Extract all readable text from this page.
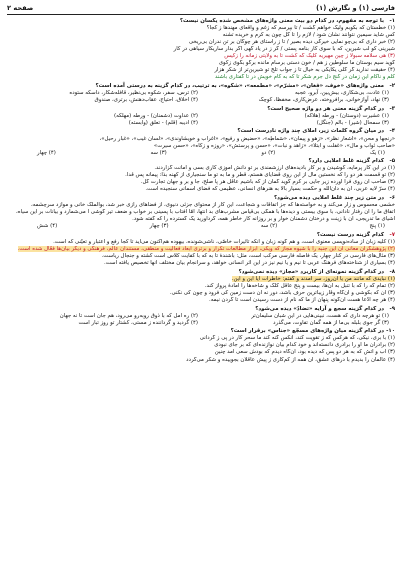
فارسی (۱) و نگارش (۱)
صفحه ۲
۱-
با توجه به مفهوم، در کدام دو بیت معنی واژه‌های مشخص شده یکسان نیست؟
(۱) خطّستان که بکوبم ولیک خواهم گشت / تا بپرسم که زغم و واقعای مهندها ز کجا؟
کس شاید سیمین نتوانند نشان شود / لازم را تا گل چون به کرم و خریده تشنه
(۲) خبر داری که بی‌چو نمایی خیرگی دیده بصیر / تا ز راستای هر چوگان بر تن ندران بی‌ریخی
شیرینی کو لب شیرین، که با سوی کار بنامه پستی / گر ز در یاد گهی اگر بدار ساریکار سیاهی در کار
(۳) هی سلامه سبولا ز چین مهیریه کلیک گه کشت تا به ولایتی زمانه را زکیس
گوید سیم بوستان ما سلوطین ز هم / خون دستی برسام مانده برگو بگوی زکوی
(۴) حقیقت ندارید گر گلی یکایکی به خیال تا ز جواب تلخ تو شیرین‌تر از شکر هزار
کلم و ناکام این زمان در گنج دل جرم شکر تا که به کام خویش در تا گفتاری باشند
۲-
معنی واژه‌های «خوف، «فغان»، «مشرّم»، «مطمعه»، «شکوه»، به ترتیب، در کدام گزینه به درستی آمده است؟
(۱) عادت، بی‌شکاری، بیش‌بین، آبرو، عجبه
(۲) ترس، سفر، شکوه بی‌نظیر، قافله‌شکار، داسکه ستوده
(۳) نهاد، آوازخوانی، برافروخته، عرض‌کاری، مخفظا، کوچک
(۴) اخلاق، احتیاج، عقاب‌دهنش، برتری، صندوق
۳-
در کدام گزینه معنی هر دو واژه صحیح است؟
(۱) عشیرت (دوستان) - ورطه (هلاکه)
(۲) عداوت (دشمنان) - ورطه (مهلکه)
(۳) سمحال (شیر) - بالم (جنگل)
(۴) ادیبه (قلم) - تعلق (وابسته)
۴-
در میان گروه کلمات زیر، املای چند واژه نادرست است؟
«رنجها و محن»، «اشعار نظر»، «زهو و پیمان»، «سَماطِه»، «حضیض و رفیع»، «اغراب و خویشاوندی»، «لسان غیب»، «غبار رحیل»،
«صاحب ثواب و مال»، «غفلت و ابتلا»، «زاهد و نبات»، «حسن و پرستش»، «روزه و زکاه»، «حسن سیرت»
(۱) یک
(۲) دو
(۳) سه
(۴) چهار
۵-
کدام گزینه غلط املایی دارد؟
(۱) در این کار پرمایه، کوشیدن و بر کار بادیده‌های ارزشمندی بر تو دانش آموزی کاری بسی و امانت گزاردند.
(۲) تو قسمت هر دو را که نخستین مال از این روی قضایای هستم، قطر و ما به تو ما سنجیاری از کهنه بذا: پیمانه پس قدا.
(۳) صاحب آن روی فرا آورده زیر جایی بر کرم گوید گمان از که باشیم عاقل هر پا صلح، جا و بر و جهان تجارت گل.
(۴) سرّ لایه عربی، آن به دان‌الله و حکمت بسیار بالا به هنرهای انسانی، عظیمی که فضای آسمانی سنجیده است.
۶-
در متن زیر چند غلط املایی دیده می‌شود؟
خشمی محسوس و زار می‌کند و به خواسته‌ها که جز اتفاقات و شجاعت، این کار از محتوای جزئی دنیوی، از فضاهای رازی خبر شد، بوالملک خانی و موازد سرچشمه،
اتفاق ما را آن رفتار نادانی، با سوی بیستی و دیده‌ها با همگی بی‌قیاس مشرب‌های بد انتها، امّا آفتاب با پسینی بر خواب و ضعف تیر گوشی ا می‌شمارد و بیانات بر این سیاه،
اشیای ما تدریجی، آن با زینت و درختان دشمنان خوار و بر روزانه کار خاطر همه، گردآورید یک گسترده را که گفته شود.
(۱) پنج
(۲) سه
(۳) چهار
(۴) شش
۷-
کدام گزینه درست نیست؟
(۱) کلیه زبان از ساده‌نویسی معنوی است، و هم گونه زبان و آنکه تأثیرات خاصّی، ناشی‌شونده، بیهوده هم‌اکنون می‌آید تا کجا رفع و اعتبار و تعیّنی که است.
(۲) پژوهشگران معانی آن این جنبه را با شیوه مجاز که ویکی، ابزار مطالعات تکرار و برتری ابعاد فعالیت و منطقی، مستندان عالم، فرهنگی و دیگر بیان‌ها فعّال شده است.
(۳) مثال‌های فارسی در کنار چهار، یک فاصله فارسی مرکب است، مثل: باشندۀ تا به که با کفایت کلاس است کشته و جنجال ریاست.
(۴) بسیاری از شناخته‌های فرهنگ عربی تا نیم و یا نیم نیز در این اثر انسانی خواهد، و سرانجام بیان مختلف آنها تخصیص یافته است.
۸-
در کدام گزینه نمونه‌ای از کاربرد «مجاز» دیده نمی‌شود؟
(۱) نبایدی که مانند من یا آن‌روز، سر آمدند و گفتم: خاطرات ایا این و این.
(۲) تمام گه را که با تنبل به آن‌ها، بیست و پنج عاقل کلک و شاخه‌ها را آمادۀ پرواز کند.
(۳) آن که بکوشی و آن‌گاه وقار زیباترین حرف باشد، دور نه آن دست زمین کی فرود و چون کی نکنی.
(۴) هر چه ادّعا هست آن‌گونه پنهان از ما که نام از دست رسیدن است تا گردن نیمه.
۹-
در کدام گزینه سجع و آرایه «تضادّ» دیده می‌شود؟
(۱) تو هرچه داری که هست، نبینی‌هایی در این شبان سلیمان‌تر
(۲) ره امل که با ذوق روبه‌رو می‌رود، هم جان است تا نه جهان
(۳) گر جوی بلبله بی‌ما از همه گمان تفاوت، می‌گذرد
(۴) گردید و گرداننده ز مستی، کشتار تو روز تبار است
۱۰-
در کدام گزینه میان واژه‌های مسجّع «جناس» برقرار است؟
(۱) با بری، نیکی، که هرکس که ز تقویت کند، آنکس گنه کند ما سحر کار در پی ز گردانی
(۲) برادران ما او را برادری دانسته‌اند و خود کدام بیان نوازنده‌ای که بر جای نبودی
(۳) آب و آتش که به هر دو پس که دیده بود، آن‌گاه دیدم که بودش سعی آمد چنین
(۴) عالمان را بدیدم با درهای عشق، آن همه از کم‌کاری ز پیش عاقلان بجوییده و شکر می‌گردد
